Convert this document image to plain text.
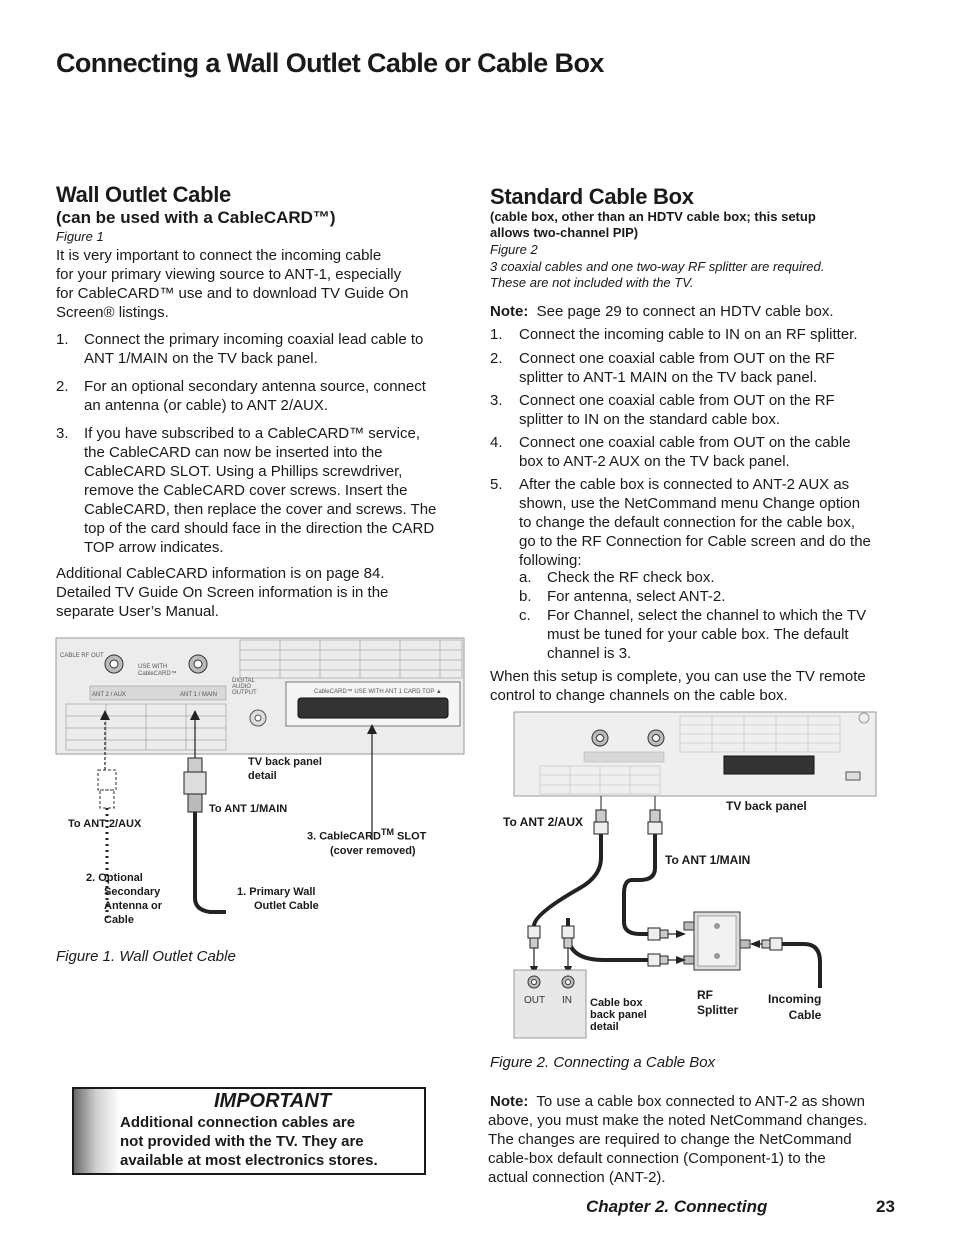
Connecting a Wall Outlet Cable or Cable Box
Wall Outlet Cable
(can be used with a CableCARD™)
Figure 1
It is very important to connect the incoming cable
for your primary viewing source to ANT-1, especially
for CableCARD™ use and to download TV Guide On
Screen® listings.
1. Connect the primary incoming coaxial lead cable to
ANT 1/MAIN on the TV back panel.
2. For an optional secondary antenna source, connect
an antenna (or cable) to ANT 2/AUX.
3. If you have subscribed to a CableCARD™ service,
the CableCARD can now be inserted into the
CableCARD SLOT. Using a Phillips screwdriver,
remove the CableCARD cover screws. Insert the
CableCARD, then replace the cover and screws. The
top of the card should face in the direction the CARD
TOP arrow indicates.
Additional CableCARD information is on page 84.
Detailed TV Guide On Screen information is in the
separate User’s Manual.
CABLE RF OUT
USE WITH
CableCARD™
ANT 2 / AUX	ANT 1 / MAIN
DIGITAL
AUDIO
OUTPUT	CableCARD™ USE WITH ANT 1 CARD TOP ▲
TV back panel
detail
To ANT 1/MAIN
To ANT 2/AUX
3. CableCARD™ SLOT
(cover removed)
2. Optional
Secondary
Antenna or
Cable
1. Primary Wall
Outlet Cable
Figure 1. Wall Outlet Cable
IMPORTANT
Additional connection cables are
not provided with the TV. They are
available at most electronics stores.
Standard Cable Box
(cable box, other than an HDTV cable box; this setup
allows two-channel PIP)
Figure 2
3 coaxial cables and one two-way RF splitter are required.
These are not included with the TV.
Note: See page 29 to connect an HDTV cable box.
1. Connect the incoming cable to IN on an RF splitter.
2. Connect one coaxial cable from OUT on the RF
splitter to ANT-1 MAIN on the TV back panel.
3. Connect one coaxial cable from OUT on the RF
splitter to IN on the standard cable box.
4. Connect one coaxial cable from OUT on the cable
box to ANT-2 AUX on the TV back panel.
5. After the cable box is connected to ANT-2 AUX as
shown, use the NetCommand menu Change option
to change the default connection for the cable box,
go to the RF Connection for Cable screen and do the
following:
a. Check the RF check box.
b. For antenna, select ANT-2.
c. For Channel, select the channel to which the TV
must be tuned for your cable box. The default
channel is 3.
When this setup is complete, you can use the TV remote
control to change channels on the cable box.
TV back panel
To ANT 2/AUX
To ANT 1/MAIN
OUT IN Cable box
back panel
detail
RF
Splitter
Incoming
Cable
Figure 2. Connecting a Cable Box
Note: To use a cable box connected to ANT-2 as shown
above, you must make the noted NetCommand changes.
The changes are required to change the NetCommand
cable-box default connection (Component-1) to the
actual connection (ANT-2).
Chapter 2. Connecting	23
